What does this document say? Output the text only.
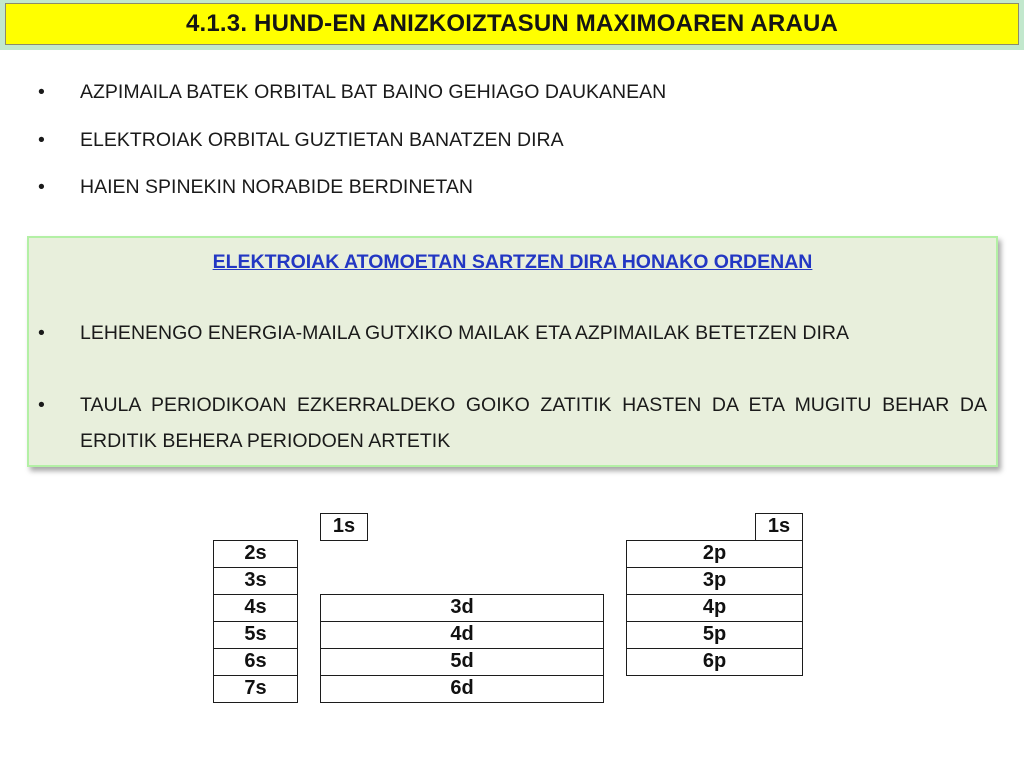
4.1.3. HUND-EN ANIZKOIZTASUN MAXIMOAREN ARAUA
• AZPIMAILA BATEK ORBITAL BAT BAINO GEHIAGO DAUKANEAN
• ELEKTROIAK ORBITAL GUZTIETAN BANATZEN DIRA
• HAIEN SPINEKIN NORABIDE BERDINETAN
ELEKTROIAK ATOMOETAN SARTZEN DIRA HONAKO ORDENAN
• LEHENENGO ENERGIA-MAILA GUTXIKO MAILAK ETA AZPIMAILAK BETETZEN DIRA
• TAULA PERIODIKOAN EZKERRALDEKO GOIKO ZATITIK HASTEN DA ETA MUGITU BEHAR DA ERDITIK BEHERA PERIODOEN ARTETIK
1s
2s
3s
4s
5s
6s
7s
3d
4d
5d
6d
1s
2p
3p
4p
5p
6p
